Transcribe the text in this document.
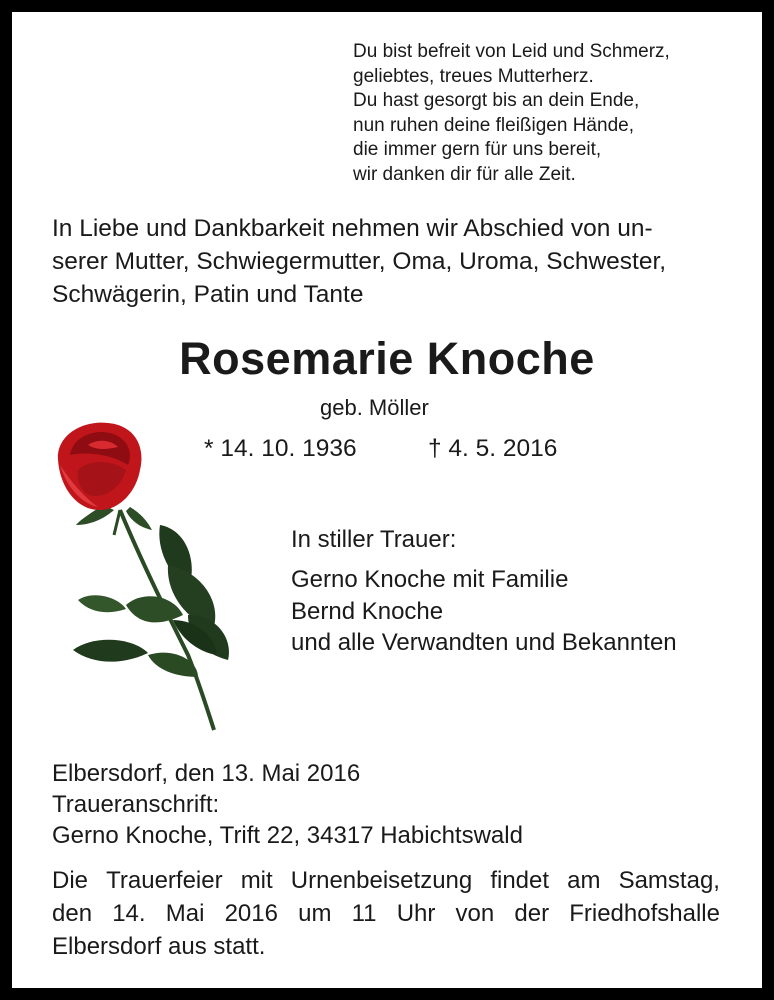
Du bist befreit von Leid und Schmerz,
geliebtes, treues Mutterherz.
Du hast gesorgt bis an dein Ende,
nun ruhen deine fleißigen Hände,
die immer gern für uns bereit,
wir danken dir für alle Zeit.
In Liebe und Dankbarkeit nehmen wir Abschied von un-
serer Mutter, Schwiegermutter, Oma, Uroma, Schwester,
Schwägerin, Patin und Tante
Rosemarie Knoche
geb. Möller
* 14. 10. 1936	† 4. 5. 2016
In stiller Trauer:
Gerno Knoche mit Familie
Bernd Knoche
und alle Verwandten und Bekannten
Elbersdorf, den 13. Mai 2016
Traueranschrift:
Gerno Knoche, Trift 22, 34317 Habichtswald
Die Trauerfeier mit Urnenbeisetzung findet am Samstag,
den 14. Mai 2016 um 11 Uhr von der Friedhofshalle
Elbersdorf aus statt.
